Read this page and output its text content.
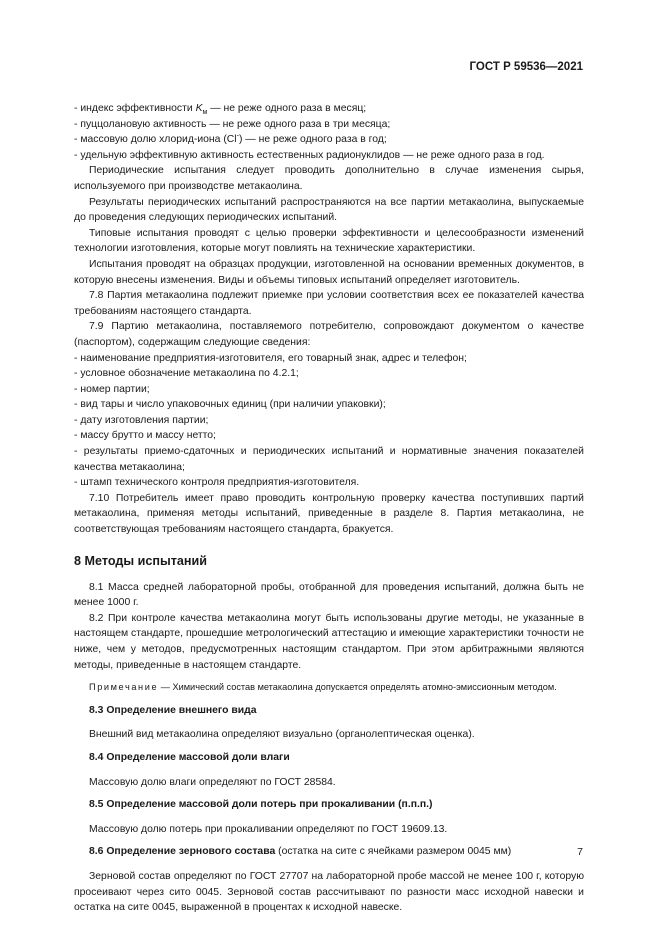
ГОСТ Р 59536—2021

- индекс эффективности $K_м$ — не реже одного раза в месяц;

- пуццолановую активность — не реже одного раза в три месяца;

- массовую долю хлорид-иона (Cl-) — не реже одного раза в год;

- удельную эффективную активность естественных радионуклидов — не реже одного раза в год.

Периодические испытания следует проводить дополнительно в случае изменения сырья, используемого при производстве метакаолина.

Результаты периодических испытаний распространяются на все партии метакаолина, выпускаемые до проведения следующих периодических испытаний.

Типовые испытания проводят с целью проверки эффективности и целесообразности изменений технологии изготовления, которые могут повлиять на технические характеристики.

Испытания проводят на образцах продукции, изготовленной на основании временных документов, в которую внесены изменения. Виды и объемы типовых испытаний определяет изготовитель.

7.8 Партия метакаолина подлежит приемке при условии соответствия всех ее показателей качества требованиям настоящего стандарта.

7.9 Партию метакаолина, поставляемого потребителю, сопровождают документом о качестве (паспортом), содержащим следующие сведения:

- наименование предприятия-изготовителя, его товарный знак, адрес и телефон;

- условное обозначение метакаолина по 4.2.1;

- номер партии;

- вид тары и число упаковочных единиц (при наличии упаковки);

- дату изготовления партии;

- массу брутто и массу нетто;

- результаты приемо-сдаточных и периодических испытаний и нормативные значения показателей качества метакаолина;

- штамп технического контроля предприятия-изготовителя.

7.10 Потребитель имеет право проводить контрольную проверку качества поступивших партий метакаолина, применяя методы испытаний, приведенные в разделе 8. Партия метакаолина, не соответствующая требованиям настоящего стандарта, бракуется.

8 Методы испытаний

8.1 Масса средней лабораторной пробы, отобранной для проведения испытаний, должна быть не менее 1000 г.

8.2 При контроле качества метакаолина могут быть использованы другие методы, не указанные в настоящем стандарте, прошедшие метрологический аттестацию и имеющие характеристики точности не ниже, чем у методов, предусмотренных настоящим стандартом. При этом арбитражными являются методы, приведенные в настоящем стандарте.

Примечание — Химический состав метакаолина допускается определять атомно-эмиссионным методом.

8.3 Определение внешнего вида

Внешний вид метакаолина определяют визуально (органолептическая оценка).

8.4 Определение массовой доли влаги

Массовую долю влаги определяют по ГОСТ 28584.

8.5 Определение массовой доли потерь при прокаливании (п.п.п.)

Массовую долю потерь при прокаливании определяют по ГОСТ 19609.13.

8.6 Определение зернового состава (остатка на сите с ячейками размером 0045 мм)

Зерновой состав определяют по ГОСТ 27707 на лабораторной пробе массой не менее 100 г, которую просеивают через сито 0045. Зерновой состав рассчитывают по разности масс исходной навески и остатка на сите 0045, выраженной в процентах к исходной навеске.

7
